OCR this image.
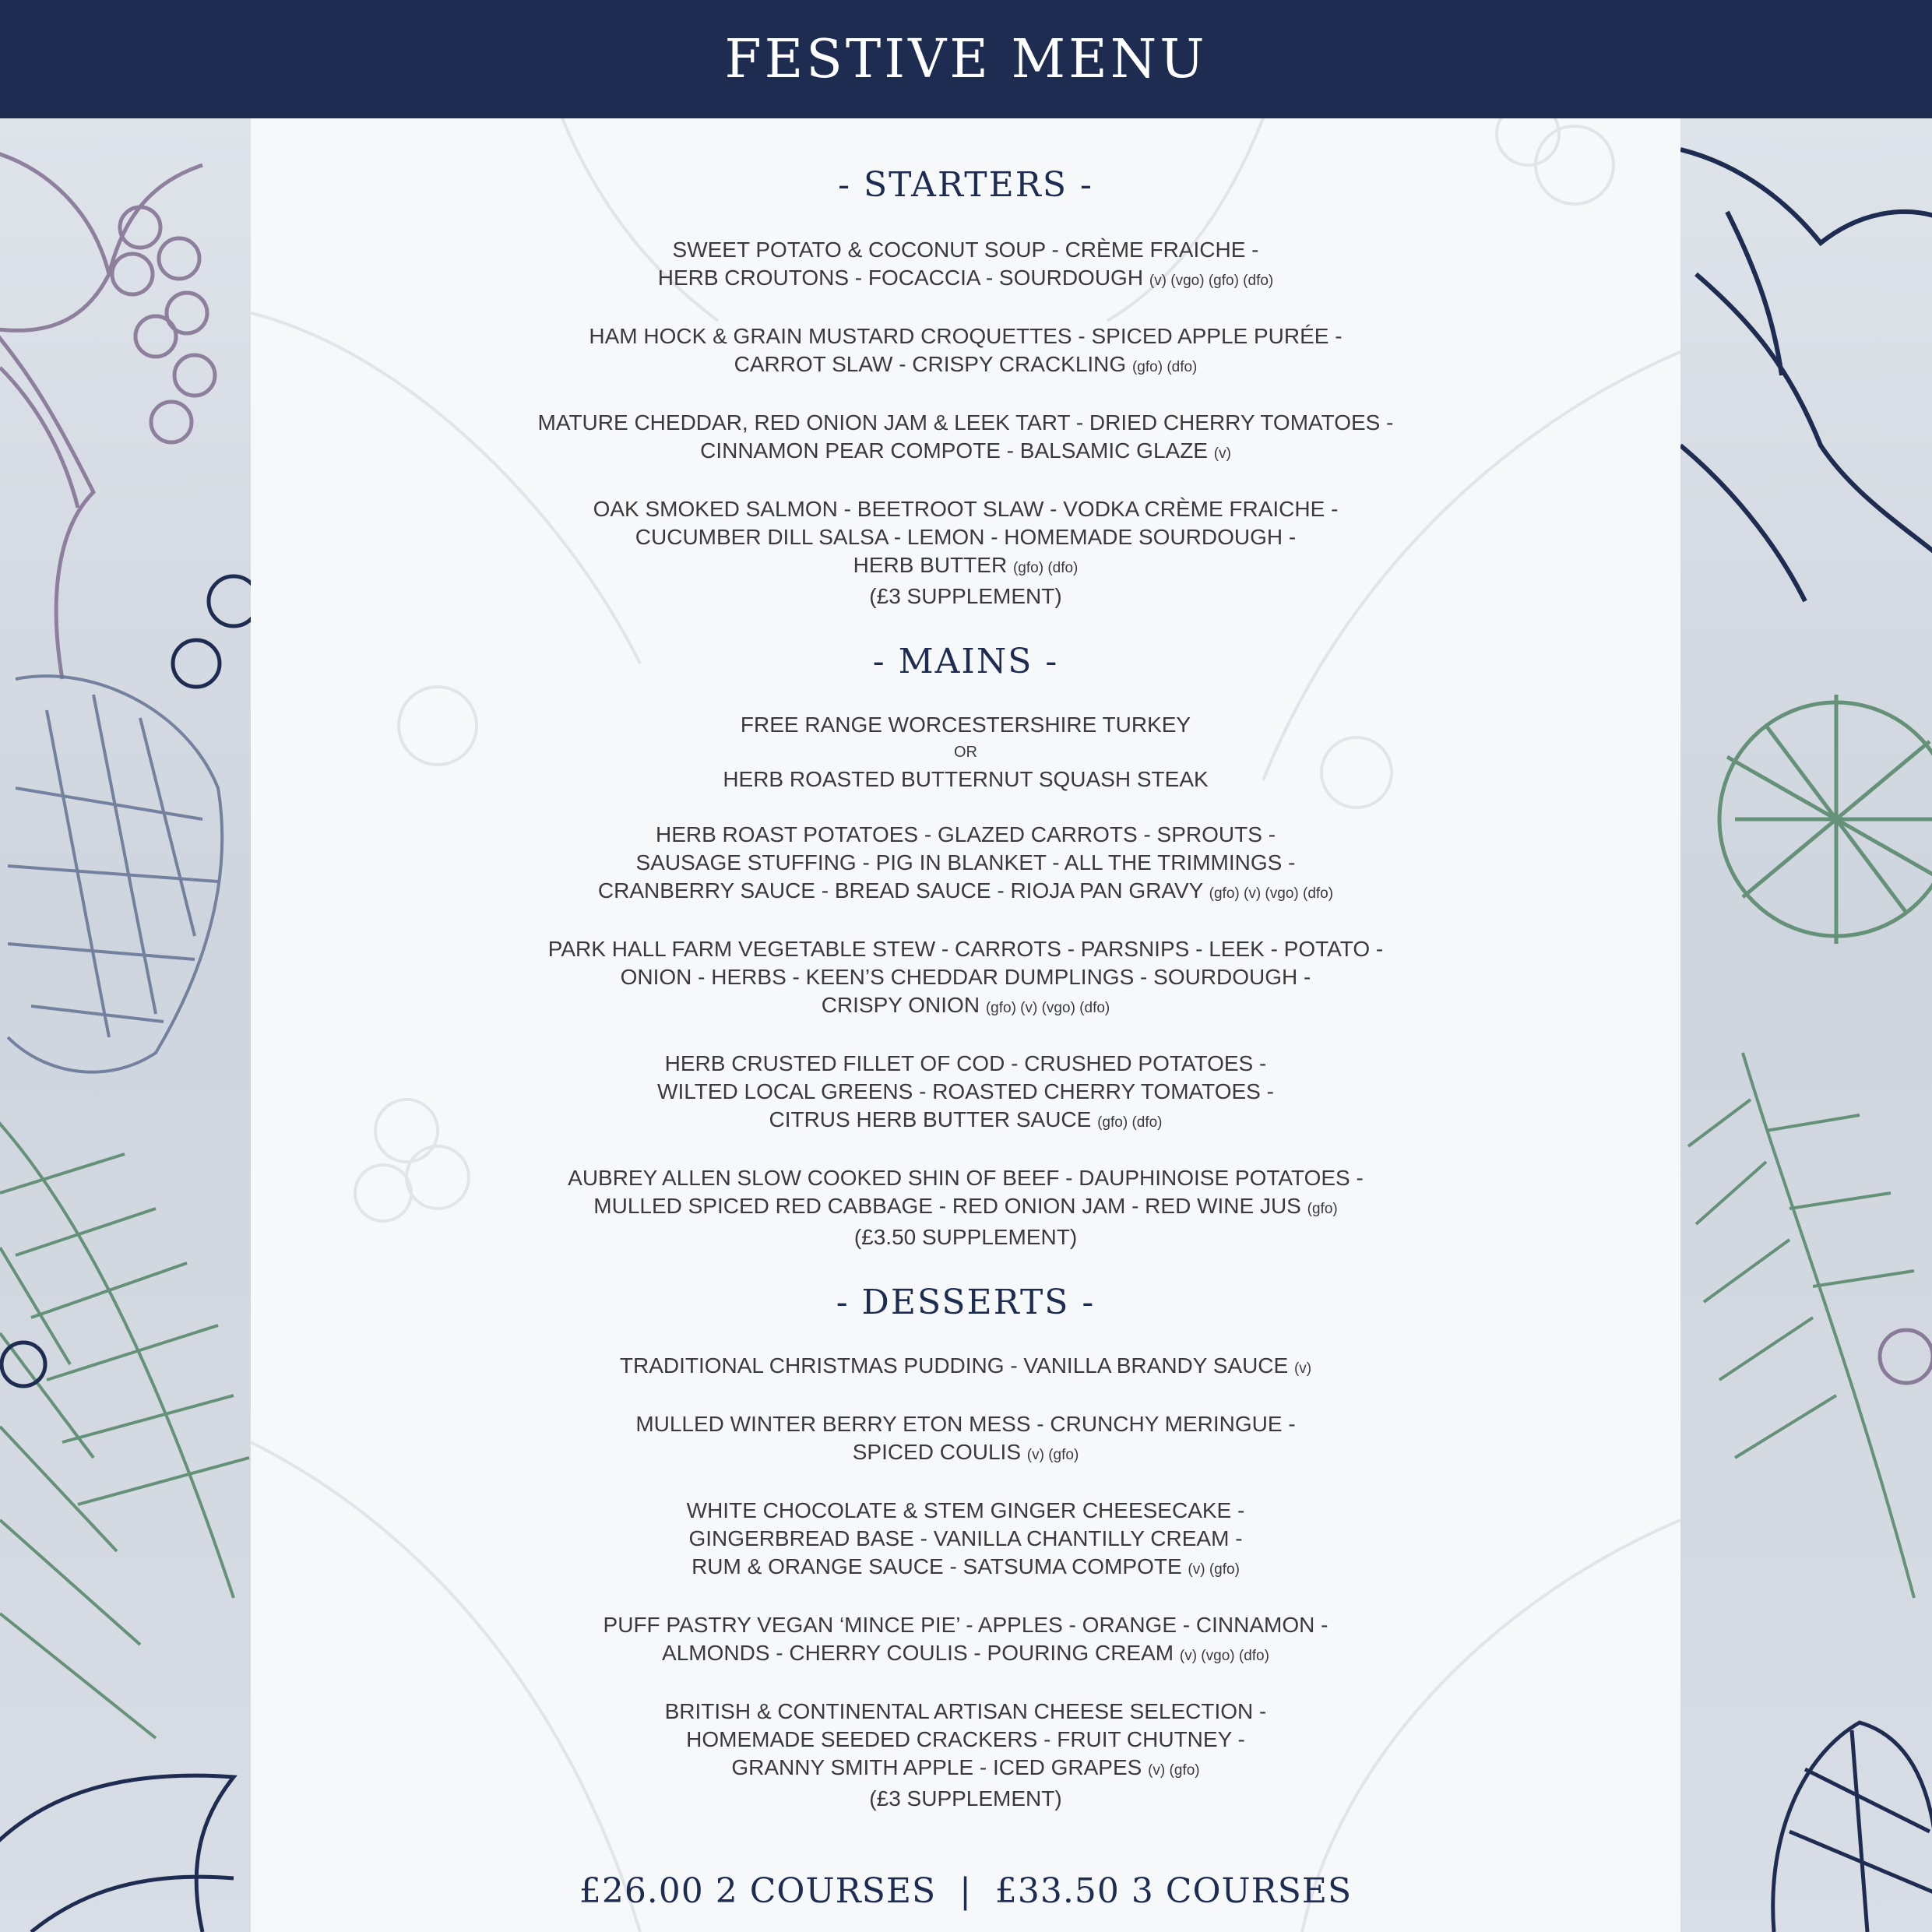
FESTIVE MENU
- STARTERS -
SWEET POTATO & COCONUT SOUP - CRÈME FRAICHE -
HERB CROUTONS - FOCACCIA - SOURDOUGH (v) (vgo) (gfo) (dfo)
HAM HOCK & GRAIN MUSTARD CROQUETTES - SPICED APPLE PURÉE -
CARROT SLAW - CRISPY CRACKLING (gfo) (dfo)
MATURE CHEDDAR, RED ONION JAM & LEEK TART - DRIED CHERRY TOMATOES -
CINNAMON PEAR COMPOTE - BALSAMIC GLAZE (v)
OAK SMOKED SALMON - BEETROOT SLAW - VODKA CRÈME FRAICHE -
CUCUMBER DILL SALSA - LEMON - HOMEMADE SOURDOUGH -
HERB BUTTER (gfo) (dfo)
(£3 SUPPLEMENT)
- MAINS -
FREE RANGE WORCESTERSHIRE TURKEY
OR
HERB ROASTED BUTTERNUT SQUASH STEAK
HERB ROAST POTATOES - GLAZED CARROTS - SPROUTS -
SAUSAGE STUFFING - PIG IN BLANKET - ALL THE TRIMMINGS -
CRANBERRY SAUCE - BREAD SAUCE - RIOJA PAN GRAVY (gfo) (v) (vgo) (dfo)
PARK HALL FARM VEGETABLE STEW - CARROTS - PARSNIPS - LEEK - POTATO -
ONION - HERBS - KEEN’S CHEDDAR DUMPLINGS - SOURDOUGH -
CRISPY ONION (gfo) (v) (vgo) (dfo)
HERB CRUSTED FILLET OF COD - CRUSHED POTATOES -
WILTED LOCAL GREENS - ROASTED CHERRY TOMATOES -
CITRUS HERB BUTTER SAUCE (gfo) (dfo)
AUBREY ALLEN SLOW COOKED SHIN OF BEEF - DAUPHINOISE POTATOES -
MULLED SPICED RED CABBAGE - RED ONION JAM - RED WINE JUS (gfo)
(£3.50 SUPPLEMENT)
- DESSERTS -
TRADITIONAL CHRISTMAS PUDDING - VANILLA BRANDY SAUCE (v)
MULLED WINTER BERRY ETON MESS - CRUNCHY MERINGUE -
SPICED COULIS (v) (gfo)
WHITE CHOCOLATE & STEM GINGER CHEESECAKE -
GINGERBREAD BASE - VANILLA CHANTILLY CREAM -
RUM & ORANGE SAUCE - SATSUMA COMPOTE (v) (gfo)
PUFF PASTRY VEGAN ‘MINCE PIE’ - APPLES - ORANGE - CINNAMON -
ALMONDS - CHERRY COULIS - POURING CREAM (v) (vgo) (dfo)
BRITISH & CONTINENTAL ARTISAN CHEESE SELECTION -
HOMEMADE SEEDED CRACKERS - FRUIT CHUTNEY -
GRANNY SMITH APPLE - ICED GRAPES (v) (gfo)
(£3 SUPPLEMENT)
£26.00 2 COURSES  |  £33.50 3 COURSES
